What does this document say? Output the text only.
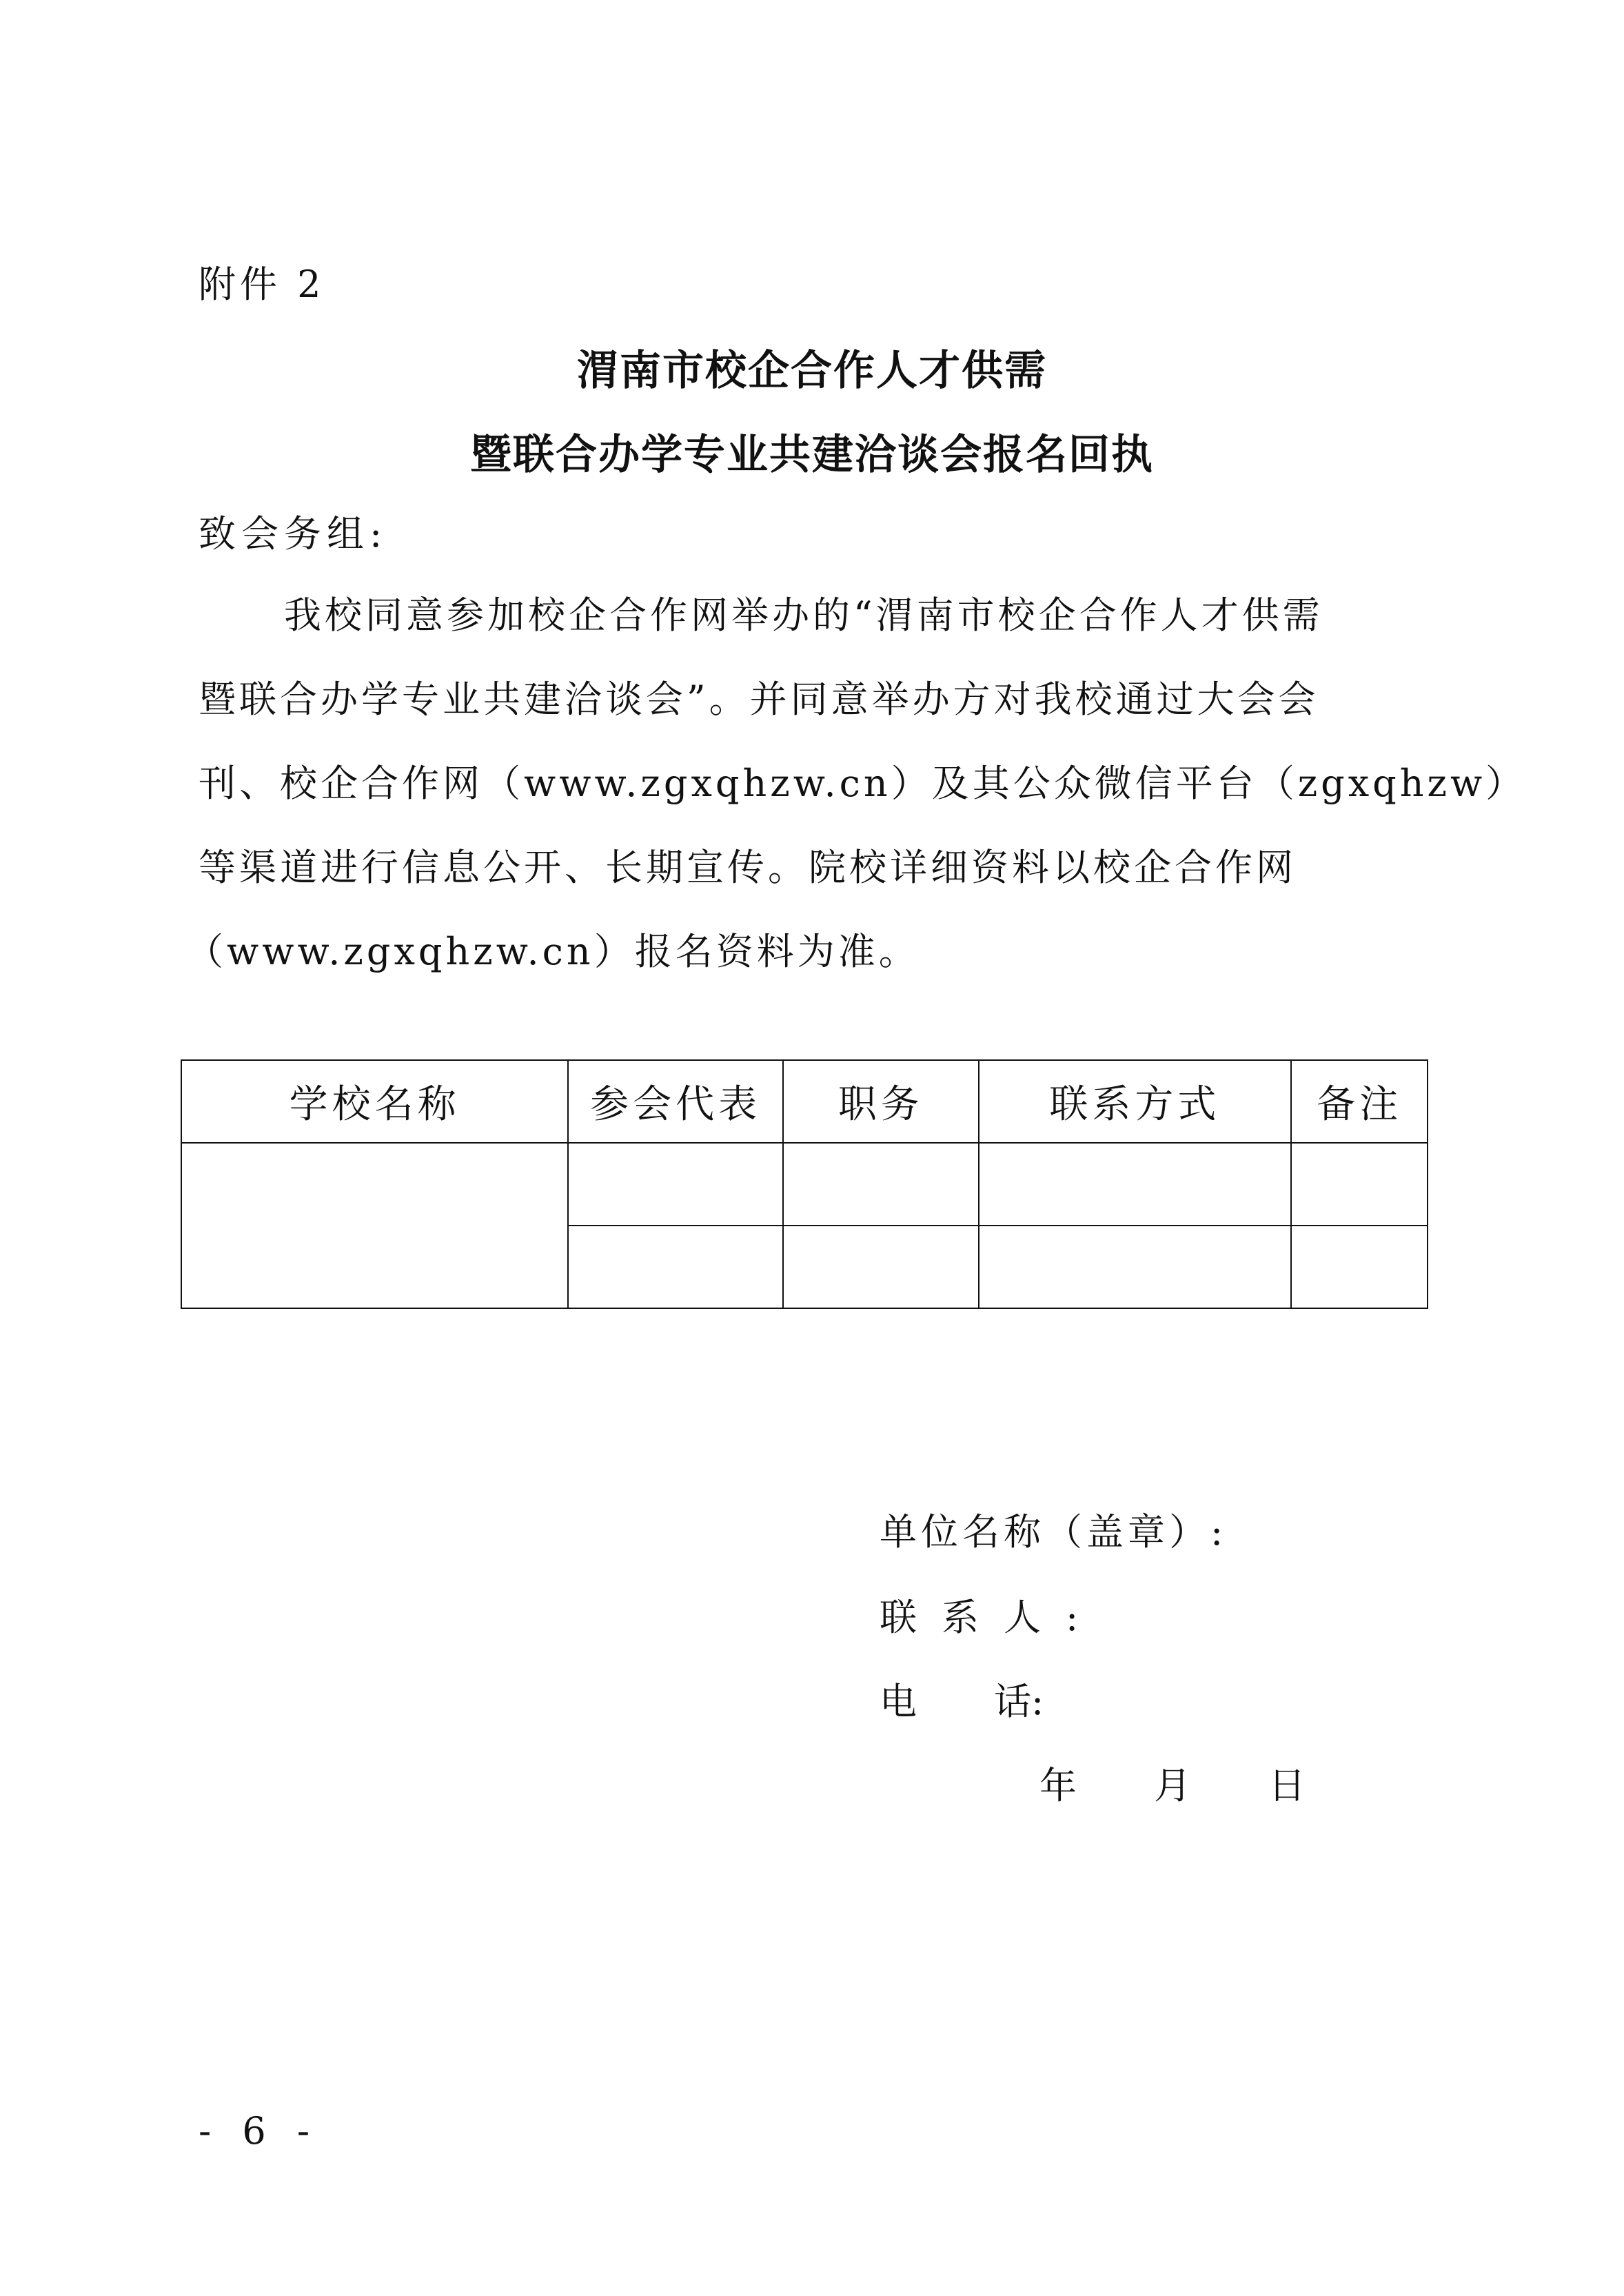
附件 2
渭南市校企合作人才供需
暨联合办学专业共建洽谈会报名回执
致会务组:
我校同意参加校企合作网举办的“渭南市校企合作人才供需
暨联合办学专业共建洽谈会”。并同意举办方对我校通过大会会
刊、校企合作网（www.zgxqhzw.cn）及其公众微信平台（zgxqhzw）
等渠道进行信息公开、长期宣传。院校详细资料以校企合作网
（www.zgxqhzw.cn）报名资料为准。
学校名称	参会代表	职务	联系方式	备注

单位名称（盖章）:
联系人:
电 话:
年 月 日
- 6 -
